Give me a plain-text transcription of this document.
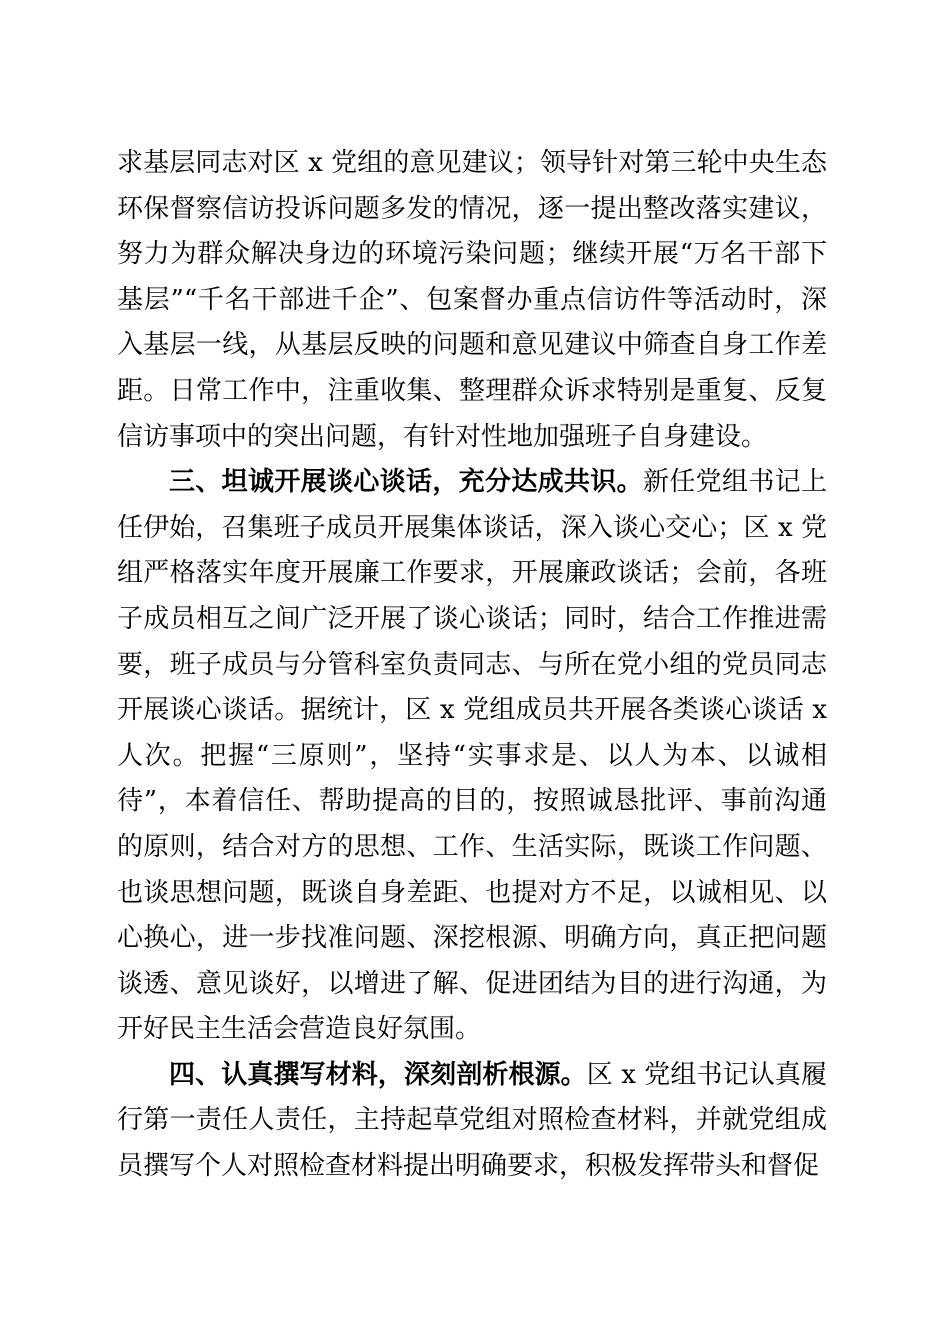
求基层同志对区 x 党组的意见建议；领导针对第三轮中央生态环保督察信访投诉问题多发的情况，逐一提出整改落实建议，努力为群众解决身边的环境污染问题；继续开展“万名干部下基层”“千名干部进千企”、包案督办重点信访件等活动时，深入基层一线，从基层反映的问题和意见建议中筛查自身工作差距。日常工作中，注重收集、整理群众诉求特别是重复、反复信访事项中的突出问题，有针对性地加强班子自身建设。

三、坦诚开展谈心谈话，充分达成共识。新任党组书记上任伊始，召集班子成员开展集体谈话，深入谈心交心；区 x 党组严格落实年度开展廉工作要求，开展廉政谈话；会前，各班子成员相互之间广泛开展了谈心谈话；同时，结合工作推进需要，班子成员与分管科室负责同志、与所在党小组的党员同志开展谈心谈话。据统计，区 x 党组成员共开展各类谈心谈话 x 人次。把握“三原则”，坚持“实事求是、以人为本、以诚相待”，本着信任、帮助提高的目的，按照诚恳批评、事前沟通的原则，结合对方的思想、工作、生活实际，既谈工作问题、也谈思想问题，既谈自身差距、也提对方不足，以诚相见、以心换心，进一步找准问题、深挖根源、明确方向，真正把问题谈透、意见谈好，以增进了解、促进团结为目的进行沟通，为开好民主生活会营造良好氛围。

四、认真撰写材料，深刻剖析根源。区 x 党组书记认真履行第一责任人责任，主持起草党组对照检查材料，并就党组成员撰写个人对照检查材料提出明确要求，积极发挥带头和督促
